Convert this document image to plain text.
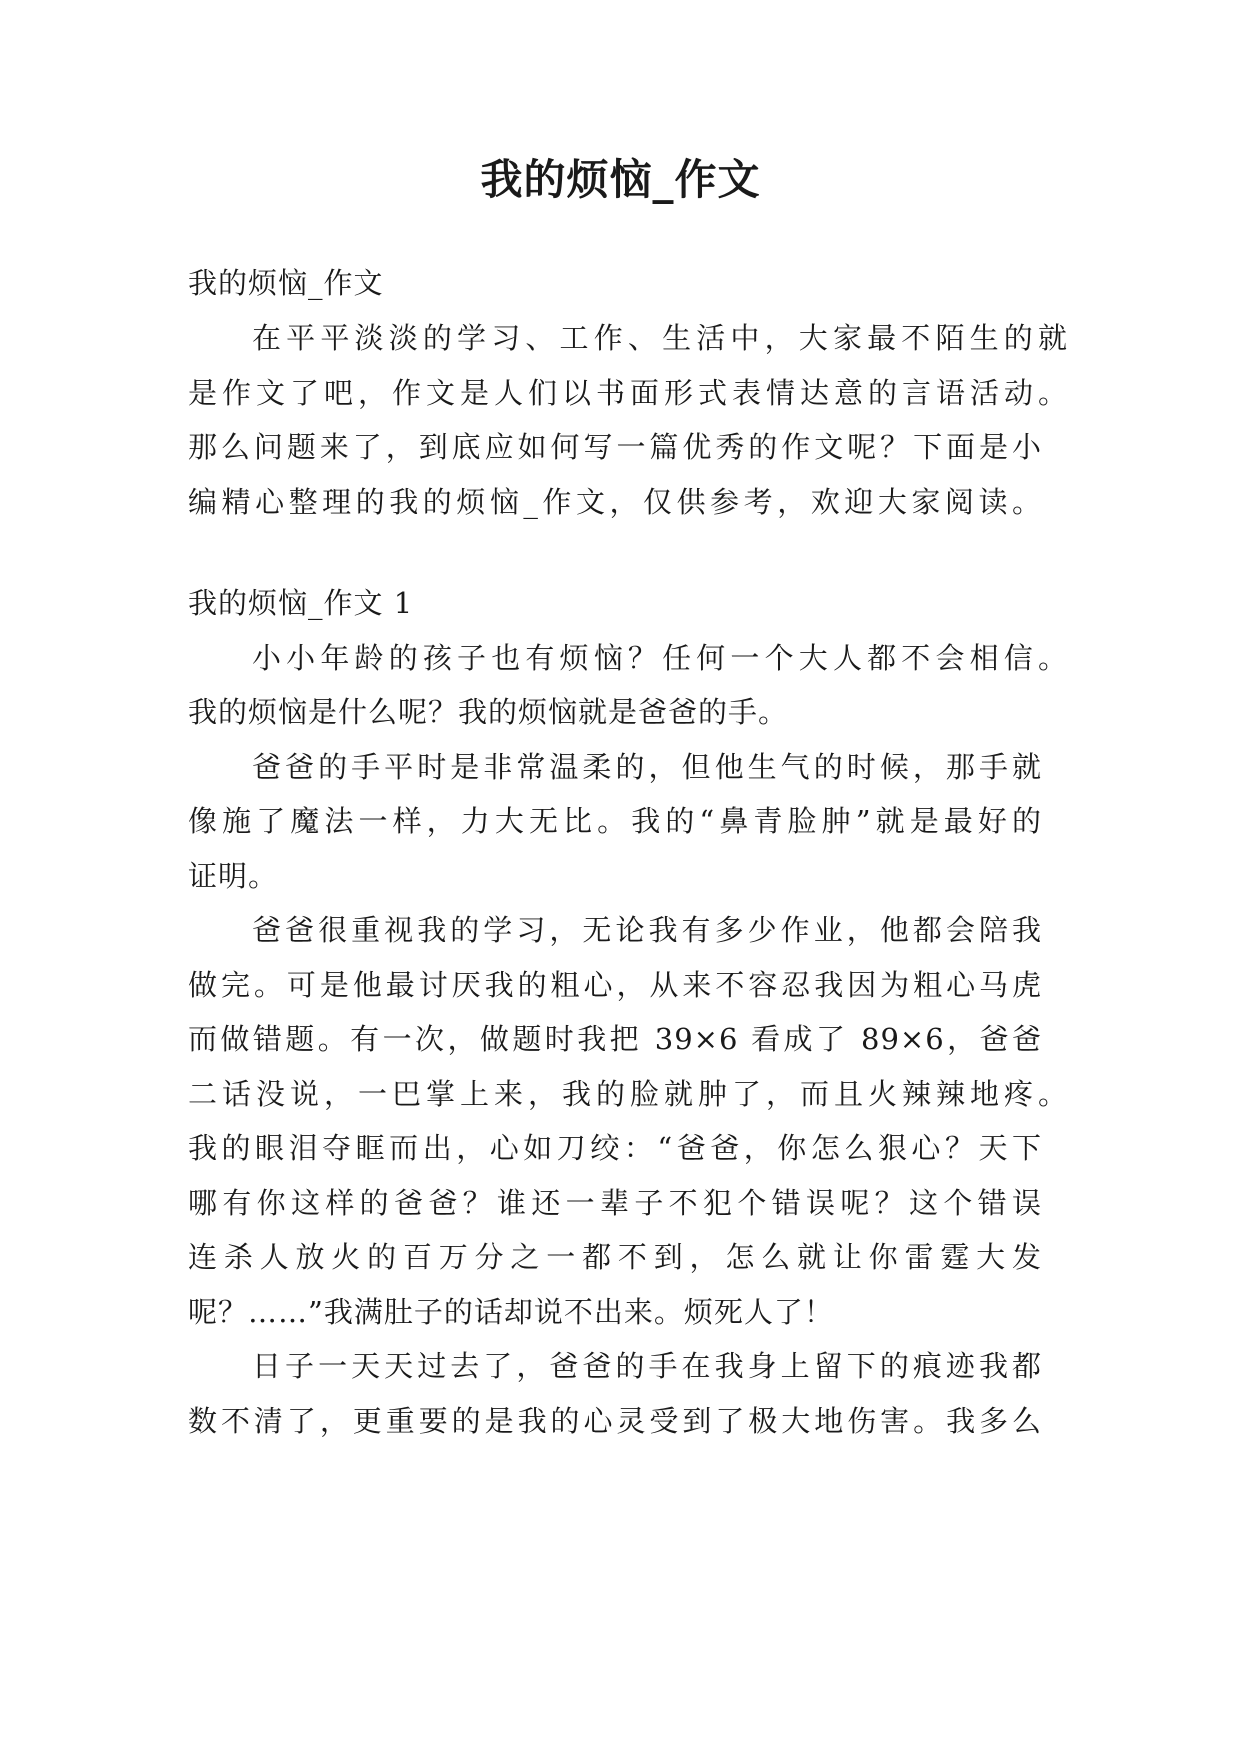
我的烦恼_作文
我的烦恼_作文
在平平淡淡的学习、工作、生活中，大家最不陌生的就
是作文了吧，作文是人们以书面形式表情达意的言语活动。
那么问题来了，到底应如何写一篇优秀的作文呢？下面是小
编精心整理的我的烦恼_作文，仅供参考，欢迎大家阅读。
我的烦恼_作文 1
小小年龄的孩子也有烦恼？任何一个大人都不会相信。
我的烦恼是什么呢？我的烦恼就是爸爸的手。
爸爸的手平时是非常温柔的，但他生气的时候，那手就
像施了魔法一样，力大无比。我的“鼻青脸肿”就是最好的
证明。
爸爸很重视我的学习，无论我有多少作业，他都会陪我
做完。可是他最讨厌我的粗心，从来不容忍我因为粗心马虎
而做错题。有一次，做题时我把 39×6 看成了 89×6，爸爸
二话没说，一巴掌上来，我的脸就肿了，而且火辣辣地疼。
我的眼泪夺眶而出，心如刀绞：“爸爸，你怎么狠心？天下
哪有你这样的爸爸？谁还一辈子不犯个错误呢？这个错误
连杀人放火的百万分之一都不到，怎么就让你雷霆大发
呢？……”我满肚子的话却说不出来。烦死人了！
日子一天天过去了，爸爸的手在我身上留下的痕迹我都
数不清了，更重要的是我的心灵受到了极大地伤害。我多么
